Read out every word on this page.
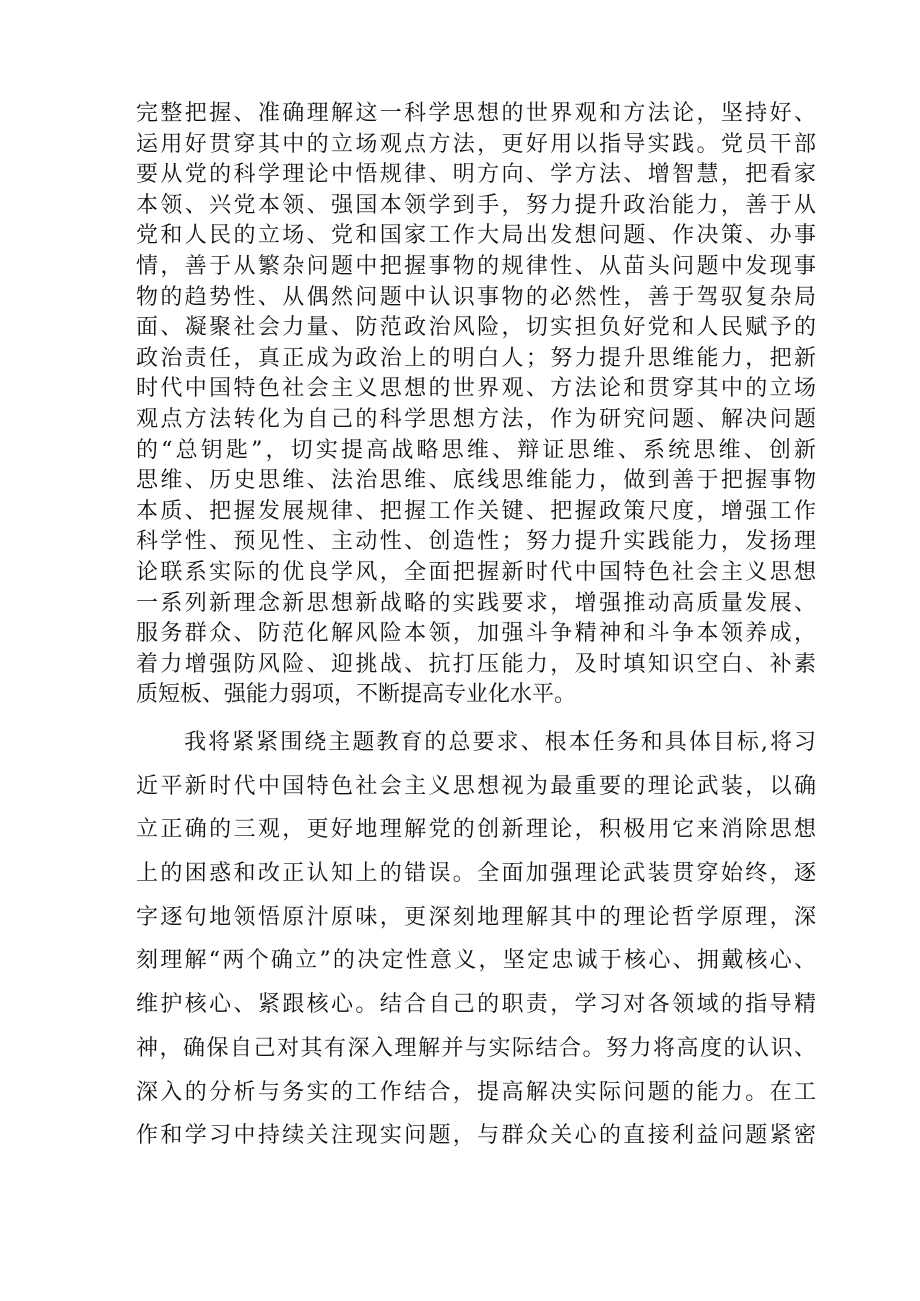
完整把握、准确理解这一科学思想的世界观和方法论，坚持好、
运用好贯穿其中的立场观点方法，更好用以指导实践。党员干部
要从党的科学理论中悟规律、明方向、学方法、增智慧，把看家
本领、兴党本领、强国本领学到手，努力提升政治能力，善于从
党和人民的立场、党和国家工作大局出发想问题、作决策、办事
情，善于从繁杂问题中把握事物的规律性、从苗头问题中发现事
物的趋势性、从偶然问题中认识事物的必然性，善于驾驭复杂局
面、凝聚社会力量、防范政治风险，切实担负好党和人民赋予的
政治责任，真正成为政治上的明白人；努力提升思维能力，把新
时代中国特色社会主义思想的世界观、方法论和贯穿其中的立场
观点方法转化为自己的科学思想方法，作为研究问题、解决问题
的“总钥匙”，切实提高战略思维、辩证思维、系统思维、创新
思维、历史思维、法治思维、底线思维能力，做到善于把握事物
本质、把握发展规律、把握工作关键、把握政策尺度，增强工作
科学性、预见性、主动性、创造性；努力提升实践能力，发扬理
论联系实际的优良学风，全面把握新时代中国特色社会主义思想
一系列新理念新思想新战略的实践要求，增强推动高质量发展、
服务群众、防范化解风险本领，加强斗争精神和斗争本领养成，
着力增强防风险、迎挑战、抗打压能力，及时填知识空白、补素
质短板、强能力弱项，不断提高专业化水平。
　　我将紧紧围绕主题教育的总要求、根本任务和具体目标,将习
近平新时代中国特色社会主义思想视为最重要的理论武装，以确
立正确的三观，更好地理解党的创新理论，积极用它来消除思想
上的困惑和改正认知上的错误。全面加强理论武装贯穿始终，逐
字逐句地领悟原汁原味，更深刻地理解其中的理论哲学原理，深
刻理解“两个确立”的决定性意义，坚定忠诚于核心、拥戴核心、
维护核心、紧跟核心。结合自己的职责，学习对各领域的指导精
神，确保自己对其有深入理解并与实际结合。努力将高度的认识、
深入的分析与务实的工作结合，提高解决实际问题的能力。在工
作和学习中持续关注现实问题，与群众关心的直接利益问题紧密
